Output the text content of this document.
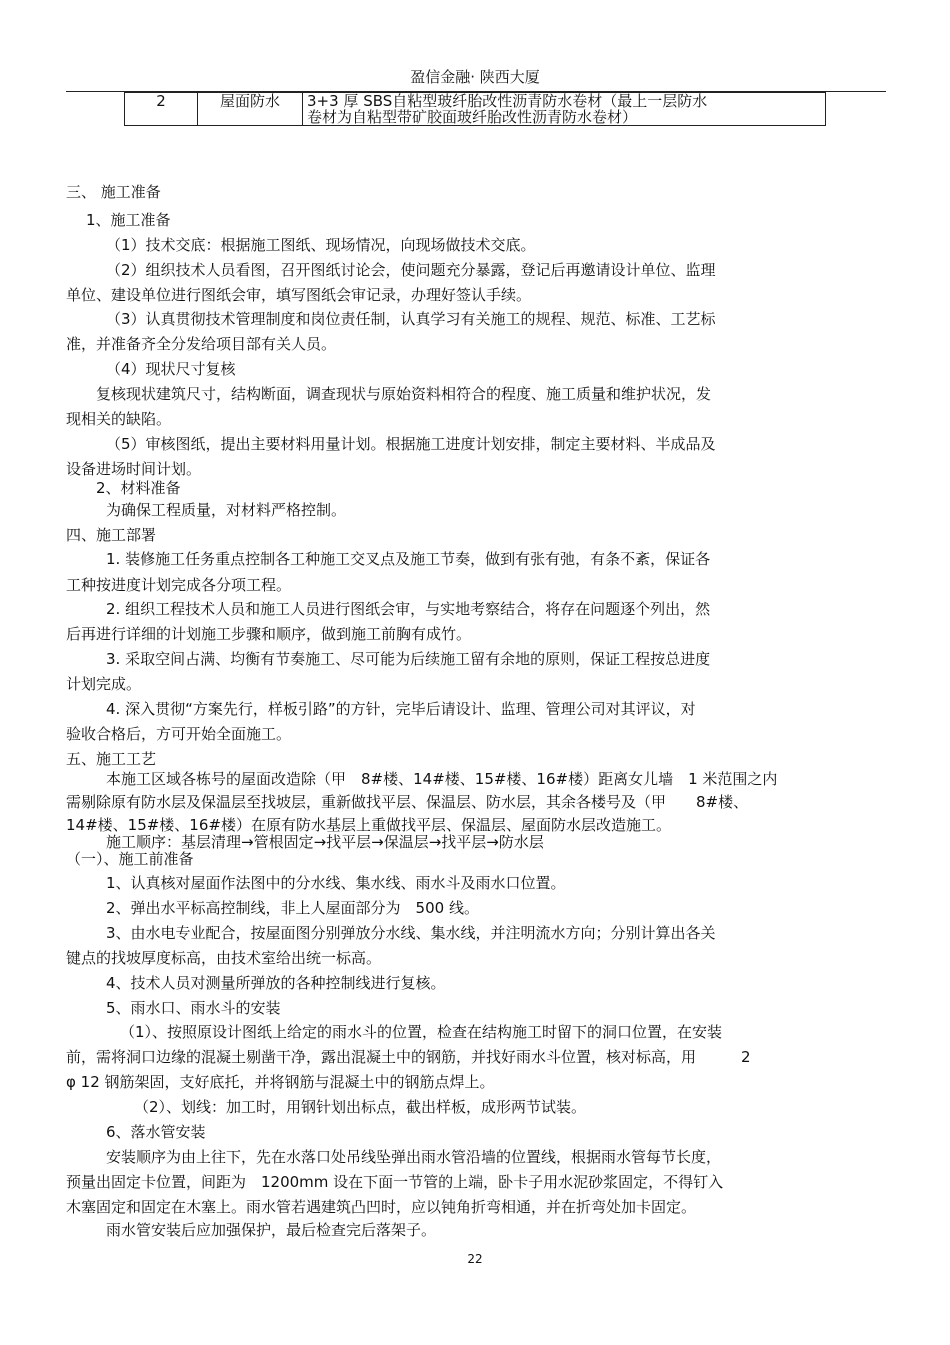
盈信金融· 陕西大厦
2	屋面防水	3+3 厚 SBS自粘型玻纤胎改性沥青防水卷材（最上一层防水
卷材为自粘型带矿胶面玻纤胎改性沥青防水卷材）
三、 施工准备
1、施工准备
（1）技术交底：根据施工图纸、现场情况，向现场做技术交底。
（2）组织技术人员看图，召开图纸讨论会，使问题充分暴露，登记后再邀请设计单位、监理
单位、建设单位进行图纸会审，填写图纸会审记录，办理好签认手续。
（3）认真贯彻技术管理制度和岗位责任制，认真学习有关施工的规程、规范、标准、工艺标
准，并准备齐全分发给项目部有关人员。
（4）现状尺寸复核
复核现状建筑尺寸，结构断面，调查现状与原始资料相符合的程度、施工质量和维护状况，发
现相关的缺陷。
（5）审核图纸，提出主要材料用量计划。根据施工进度计划安排，制定主要材料、半成品及
设备进场时间计划。
2、材料准备
为确保工程质量，对材料严格控制。
四、施工部署
1. 装修施工任务重点控制各工种施工交叉点及施工节奏，做到有张有弛，有条不紊，保证各
工种按进度计划完成各分项工程。
2. 组织工程技术人员和施工人员进行图纸会审，与实地考察结合，将存在问题逐个列出，然
后再进行详细的计划施工步骤和顺序，做到施工前胸有成竹。
3. 采取空间占满、均衡有节奏施工、尽可能为后续施工留有余地的原则，保证工程按总进度
计划完成。
4. 深入贯彻“方案先行，样板引路”的方针，完毕后请设计、监理、管理公司对其评议，对
验收合格后，方可开始全面施工。
五、施工工艺
本施工区域各栋号的屋面改造除（甲　8#楼、14#楼、15#楼、16#楼）距离女儿墙　1 米范围之内
需剔除原有防水层及保温层至找坡层，重新做找平层、保温层、防水层，其余各楼号及（甲　　8#楼、
14#楼、15#楼、16#楼）在原有防水基层上重做找平层、保温层、屋面防水层改造施工。
施工顺序：基层清理→管根固定→找平层→保温层→找平层→防水层
（一）、施工前准备
1、认真核对屋面作法图中的分水线、集水线、雨水斗及雨水口位置。
2、弹出水平标高控制线，非上人屋面部分为　500 线。
3、由水电专业配合，按屋面图分别弹放分水线、集水线，并注明流水方向；分别计算出各关
键点的找坡厚度标高，由技术室给出统一标高。
4、技术人员对测量所弹放的各种控制线进行复核。
5、雨水口、雨水斗的安装
（1）、按照原设计图纸上给定的雨水斗的位置，检查在结构施工时留下的洞口位置，在安装
前，需将洞口边缘的混凝土剔凿干净，露出混凝土中的钢筋，并找好雨水斗位置，核对标高，用　　　2
φ 12 钢筋架固，支好底托，并将钢筋与混凝土中的钢筋点焊上。
（2）、划线：加工时，用钢针划出标点，截出样板，成形两节试装。
6、落水管安装
安装顺序为由上往下，先在水落口处吊线坠弹出雨水管沿墙的位置线，根据雨水管每节长度，
预量出固定卡位置，间距为　1200mm 设在下面一节管的上端，卧卡子用水泥砂浆固定，不得钉入
木塞固定和固定在木塞上。雨水管若遇建筑凸凹时，应以钝角折弯相通，并在折弯处加卡固定。
雨水管安装后应加强保护，最后检查完后落架子。
22
